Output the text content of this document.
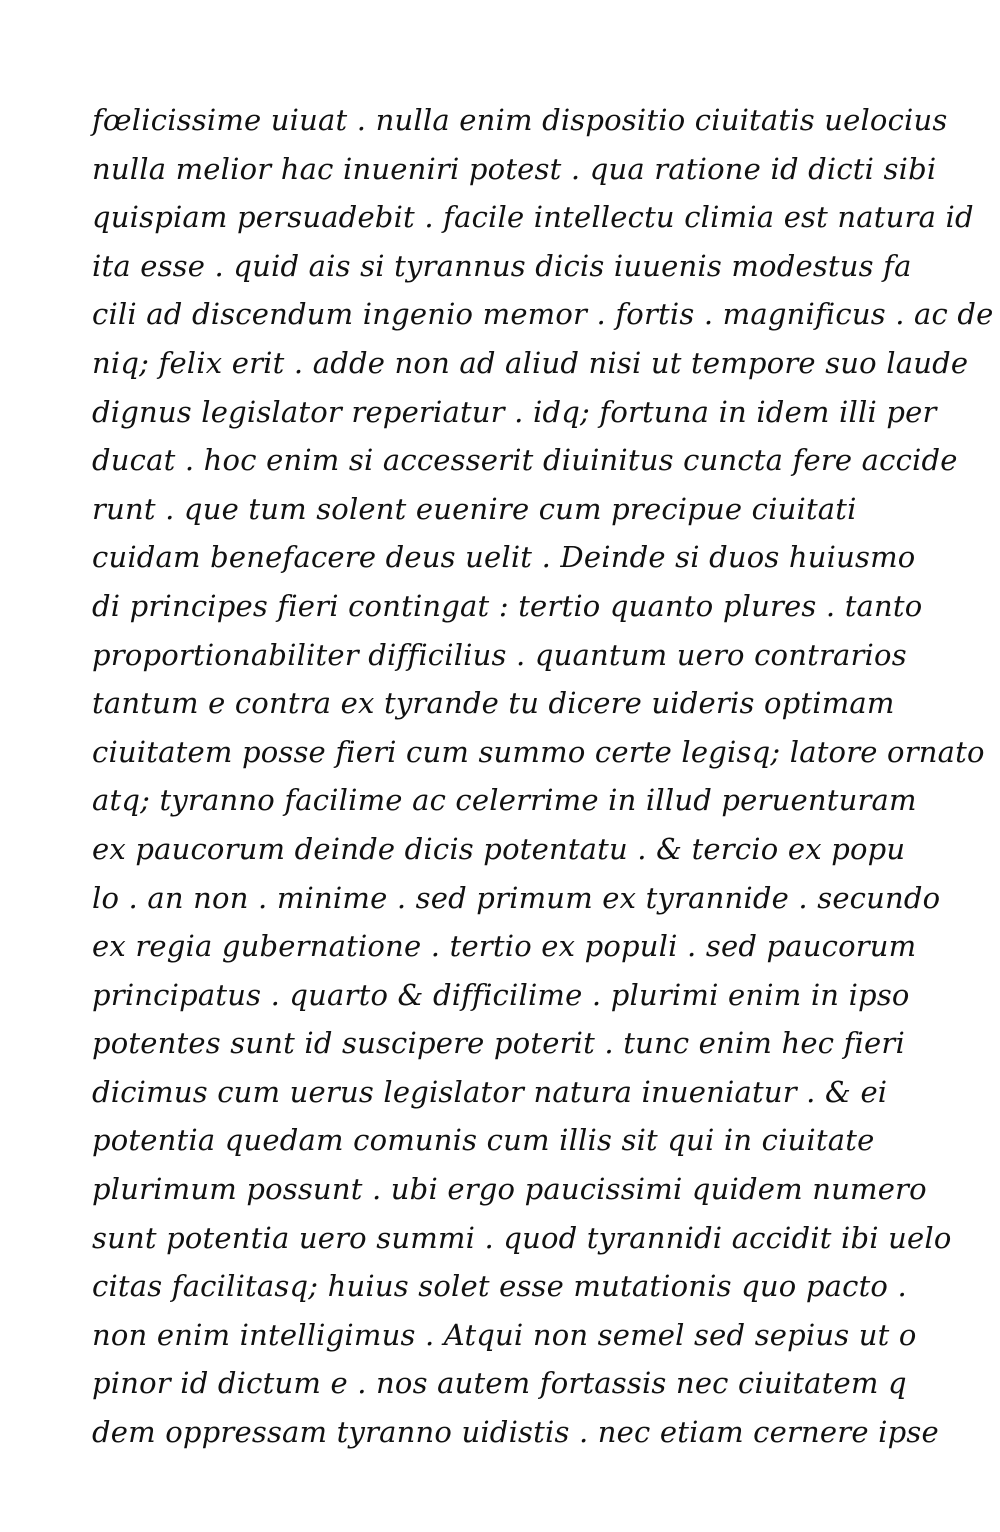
fœlicissime uiuat . nulla enim dispositio ciuitatis uelocius
nulla melior hac inueniri potest . qua ratione id dicti sibi
quispiam persuadebit . facile intellectu climia est natura id
ita esse . quid ais si tyrannus dicis iuuenis modestus fa
cili ad discendum ingenio memor . fortis . magnificus . ac de
niq; felix erit . adde non ad aliud nisi ut tempore suo laude
dignus legislator reperiatur . idq; fortuna in idem illi per
ducat . hoc enim si accesserit diuinitus cuncta fere accide
runt . que tum solent euenire cum precipue ciuitati
cuidam benefacere deus uelit . Deinde si duos huiusmo
di principes fieri contingat : tertio quanto plures . tanto
proportionabiliter difficilius . quantum uero contrarios
tantum e contra ex tyrande tu dicere uideris optimam
ciuitatem posse fieri cum summo certe legisq; latore ornato
atq; tyranno facilime ac celerrime in illud peruenturam
ex paucorum deinde dicis potentatu . & tercio ex popu
lo . an non . minime . sed primum ex tyrannide . secundo
ex regia gubernatione . tertio ex populi . sed paucorum
principatus . quarto & difficilime . plurimi enim in ipso
potentes sunt id suscipere poterit . tunc enim hec fieri
dicimus cum uerus legislator natura inueniatur . & ei
potentia quedam comunis cum illis sit qui in ciuitate
plurimum possunt . ubi ergo paucissimi quidem numero
sunt potentia uero summi . quod tyrannidi accidit ibi uelo
citas facilitasq; huius solet esse mutationis quo pacto .
non enim intelligimus . Atqui non semel sed sepius ut o
pinor id dictum e . nos autem fortassis nec ciuitatem q
dem oppressam tyranno uidistis . nec etiam cernere ipse
